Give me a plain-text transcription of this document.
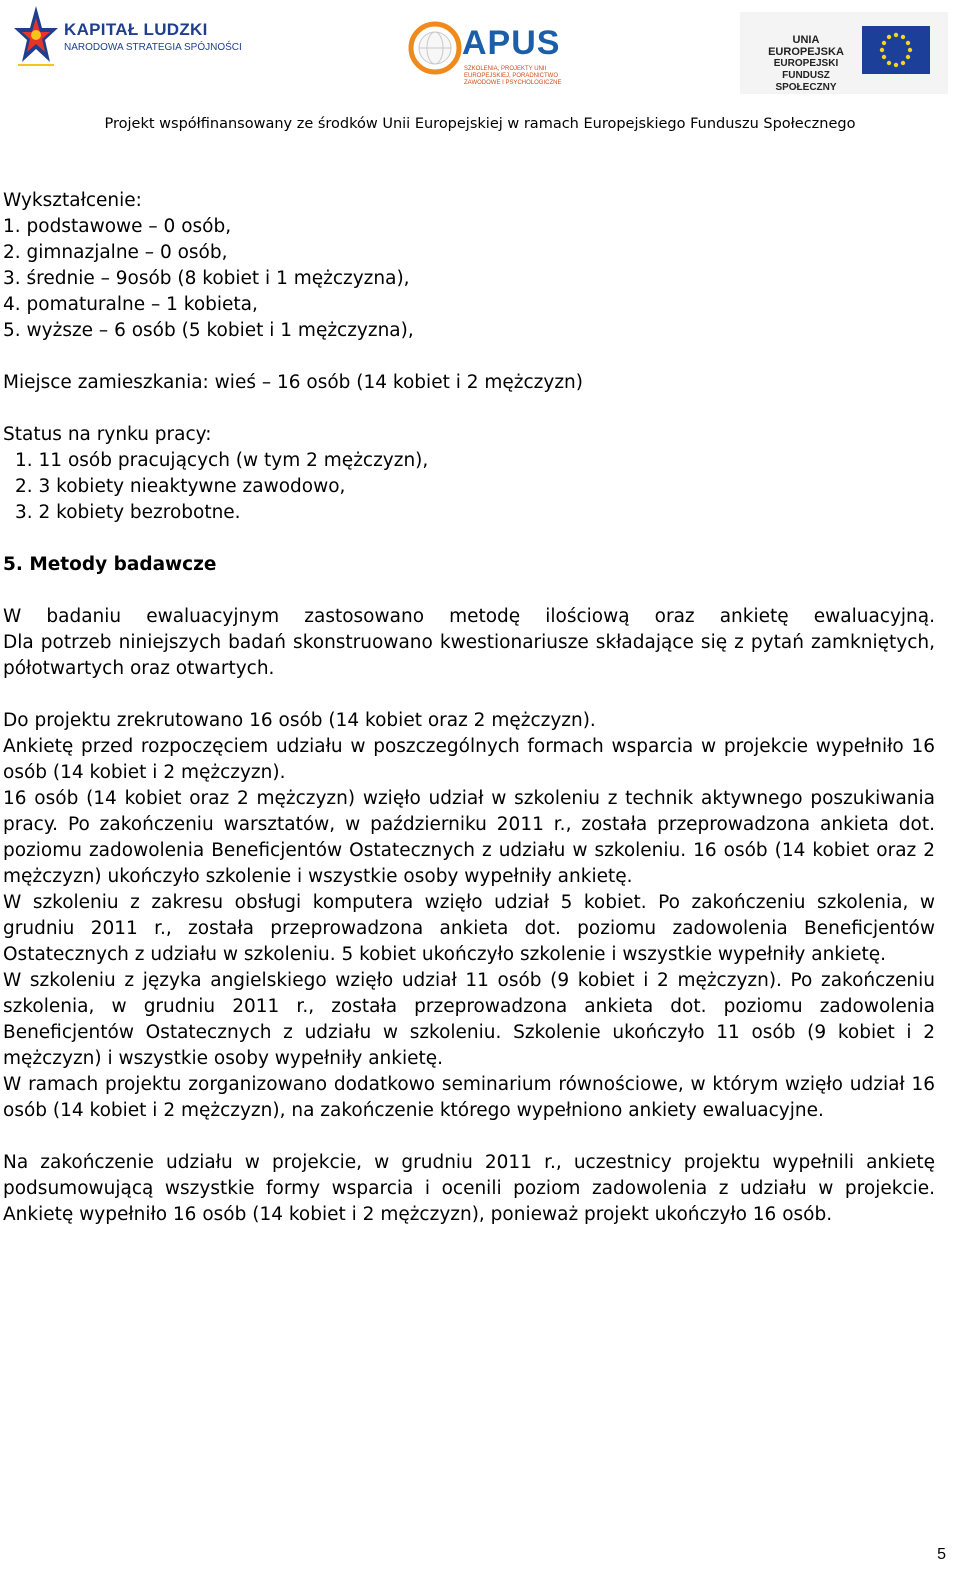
KAPITAŁ LUDZKI
NARODOWA STRATEGIA SPÓJNOŚCI	APUS
SZKOLENIA, PROJEKTY UNII EUROPEJSKIEJ, PORADNICTWO ZAWODOWE I PSYCHOLOGICZNE
UNIA EUROPEJSKA
EUROPEJSKI
FUNDUSZ SPOŁECZNY
Projekt współfinansowany ze środków Unii Europejskiej w ramach Europejskiego Funduszu Społecznego

Wykształcenie:

1. podstawowe – 0 osób,
2. gimnazjalne – 0 osób,
3. średnie – 9osób (8 kobiet i 1 mężczyzna),
4. pomaturalne – 1 kobieta,
5. wyższe – 6 osób (5 kobiet i 1 mężczyzna),

Miejsce zamieszkania: wieś – 16 osób (14 kobiet i 2 mężczyzn)

Status na rynku pracy:

1. 11 osób pracujących (w tym 2 mężczyzn),
2. 3 kobiety nieaktywne zawodowo,
3. 2 kobiety bezrobotne.

5. Metody badawcze

W badaniu ewaluacyjnym zastosowano metodę ilościową oraz ankietę ewaluacyjną.

Dla potrzeb niniejszych badań skonstruowano kwestionariusze składające się z pytań zamkniętych, półotwartych oraz otwartych.

Do projektu zrekrutowano 16 osób (14 kobiet oraz 2 mężczyzn).

Ankietę przed rozpoczęciem udziału w poszczególnych formach wsparcia w projekcie wypełniło 16 osób (14 kobiet i 2 mężczyzn).

16 osób (14 kobiet oraz 2 mężczyzn) wzięło udział w szkoleniu z technik aktywnego poszukiwania pracy. Po zakończeniu warsztatów, w październiku 2011 r., została przeprowadzona ankieta dot. poziomu zadowolenia Beneficjentów Ostatecznych z udziału w szkoleniu. 16 osób (14 kobiet oraz 2 mężczyzn) ukończyło szkolenie i wszystkie osoby wypełniły ankietę.

W szkoleniu z zakresu obsługi komputera wzięło udział 5 kobiet. Po zakończeniu szkolenia, w grudniu 2011 r., została przeprowadzona ankieta dot. poziomu zadowolenia Beneficjentów Ostatecznych z udziału w szkoleniu. 5 kobiet ukończyło szkolenie i wszystkie wypełniły ankietę.

W szkoleniu z języka angielskiego wzięło udział 11 osób (9 kobiet i 2 mężczyzn). Po zakończeniu szkolenia, w grudniu 2011 r., została przeprowadzona ankieta dot. poziomu zadowolenia Beneficjentów Ostatecznych z udziału w szkoleniu. Szkolenie ukończyło 11 osób (9 kobiet i 2 mężczyzn) i wszystkie osoby wypełniły ankietę.

W ramach projektu zorganizowano dodatkowo seminarium równościowe, w którym wzięło udział 16 osób (14 kobiet i 2 mężczyzn), na zakończenie którego wypełniono ankiety ewaluacyjne.

Na zakończenie udziału w projekcie, w grudniu 2011 r., uczestnicy projektu wypełnili ankietę podsumowującą wszystkie formy wsparcia i ocenili poziom zadowolenia z udziału w projekcie. Ankietę wypełniło 16 osób (14 kobiet i 2 mężczyzn), ponieważ projekt ukończyło 16 osób.

5
